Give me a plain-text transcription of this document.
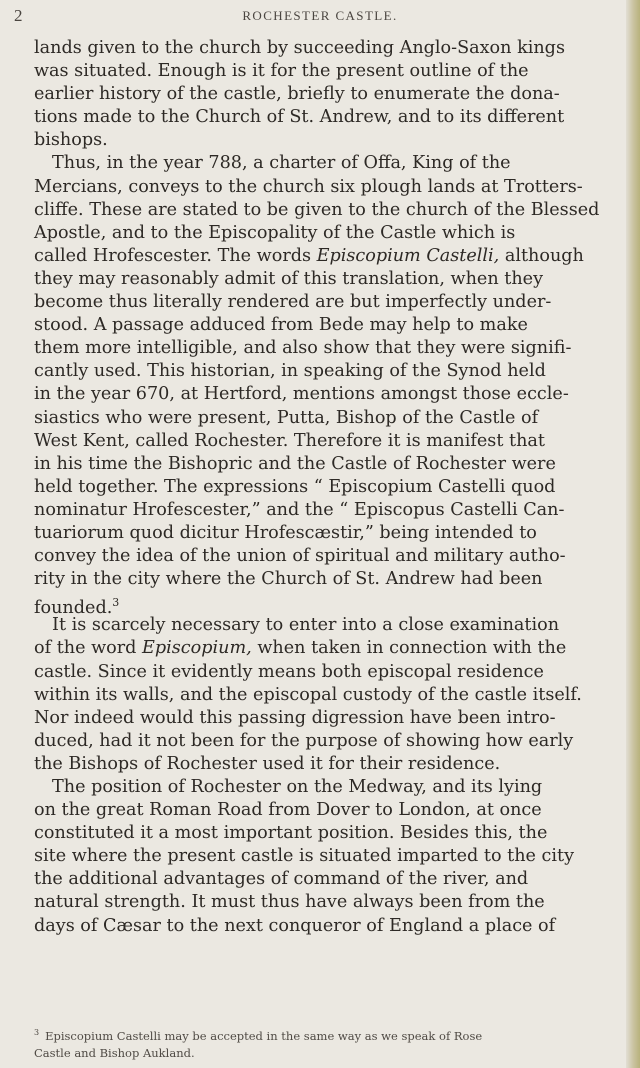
2	ROCHESTER CASTLE.
lands given to the church by succeeding Anglo-Saxon kings
was situated. Enough is it for the present outline of the
earlier history of the castle, briefly to enumerate the dona-
tions made to the Church of St. Andrew, and to its different
bishops.
Thus, in the year 788, a charter of Offa, King of the
Mercians, conveys to the church six plough lands at Trotters-
cliffe. These are stated to be given to the church of the Blessed
Apostle, and to the Episcopality of the Castle which is
called Hrofescester. The words Episcopium Castelli, although
they may reasonably admit of this translation, when they
become thus literally rendered are but imperfectly under-
stood. A passage adduced from Bede may help to make
them more intelligible, and also show that they were signifi-
cantly used. This historian, in speaking of the Synod held
in the year 670, at Hertford, mentions amongst those eccle-
siastics who were present, Putta, Bishop of the Castle of
West Kent, called Rochester. Therefore it is manifest that
in his time the Bishopric and the Castle of Rochester were
held together. The expressions “ Episcopium Castelli quod
nominatur Hrofescester,” and the “ Episcopus Castelli Can-
tuariorum quod dicitur Hrofescæstir,” being intended to
convey the idea of the union of spiritual and military autho-
rity in the city where the Church of St. Andrew had been
founded.$^3$
It is scarcely necessary to enter into a close examination
of the word Episcopium, when taken in connection with the
castle. Since it evidently means both episcopal residence
within its walls, and the episcopal custody of the castle itself.
Nor indeed would this passing digression have been intro-
duced, had it not been for the purpose of showing how early
the Bishops of Rochester used it for their residence.
The position of Rochester on the Medway, and its lying
on the great Roman Road from Dover to London, at once
constituted it a most important position. Besides this, the
site where the present castle is situated imparted to the city
the additional advantages of command of the river, and
natural strength. It must thus have always been from the
days of Cæsar to the next conqueror of England a place of
$^3$ Episcopium Castelli may be accepted in the same way as we speak of Rose
Castle and Bishop Aukland.
